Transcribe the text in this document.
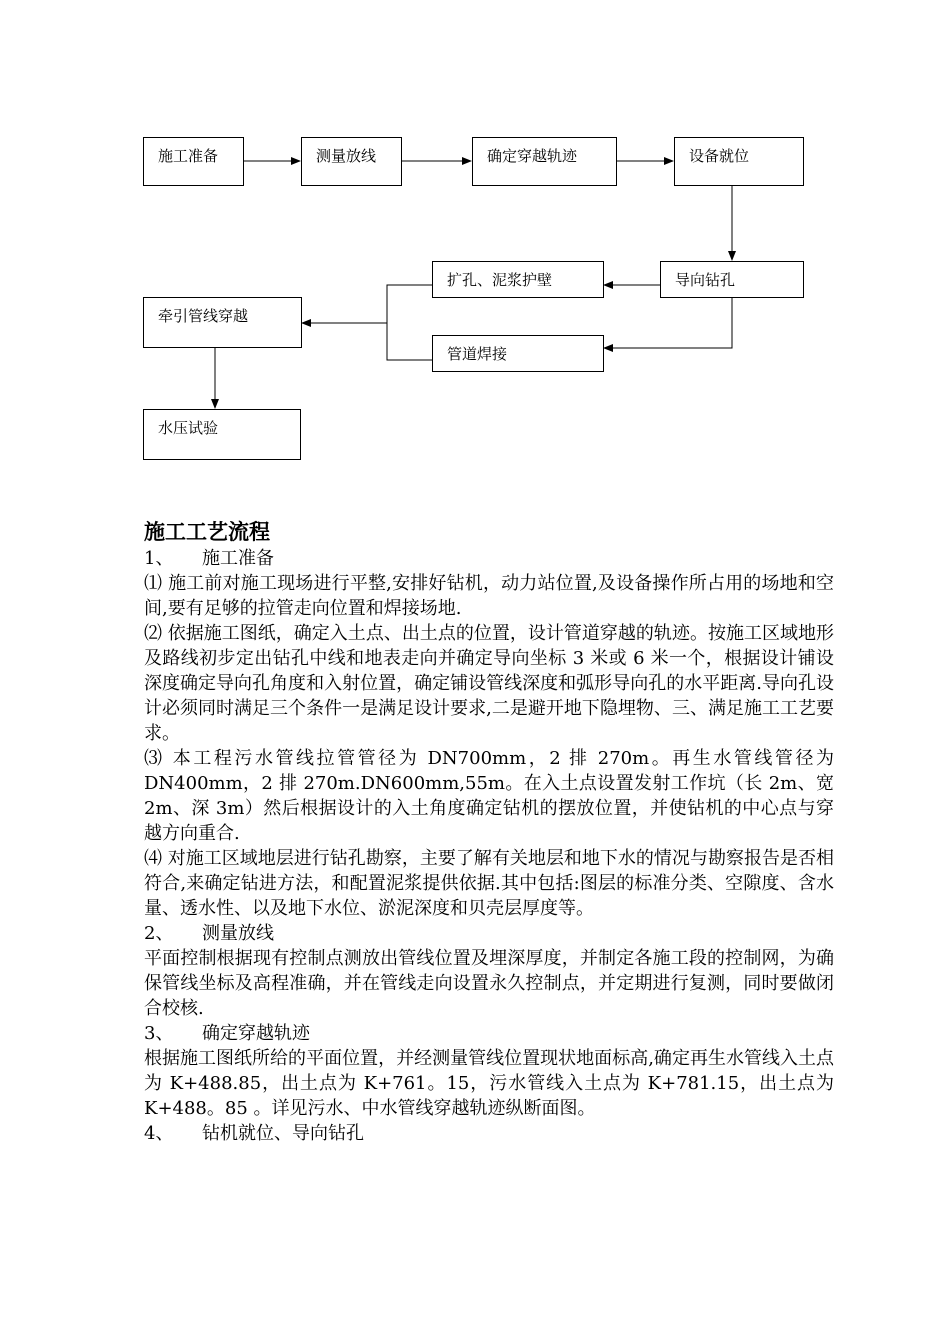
施工准备	测量放线	确定穿越轨迹	设备就位
导向钻孔
扩孔、泥浆护壁
管道焊接
牵引管线穿越
水压试验

施工工艺流程

1、 施工准备

⑴ 施工前对施工现场进行平整,安排好钻机，动力站位置,及设备操作所占用的场地和空间,要有足够的拉管走向位置和焊接场地.

⑵ 依据施工图纸，确定入土点、出土点的位置，设计管道穿越的轨迹。按施工区域地形及路线初步定出钻孔中线和地表走向并确定导向坐标 3 米或 6 米一个，根据设计铺设深度确定导向孔角度和入射位置，确定铺设管线深度和弧形导向孔的水平距离.导向孔设计必须同时满足三个条件一是满足设计要求,二是避开地下隐埋物、三、满足施工工艺要求。

⑶ 本工程污水管线拉管管径为 DN700mm，2 排 270m。再生水管线管径为 DN400mm，2 排 270m.DN600mm,55m。在入土点设置发射工作坑（长 2m、宽 2m、深 3m）然后根据设计的入土角度确定钻机的摆放位置，并使钻机的中心点与穿越方向重合.

⑷ 对施工区域地层进行钻孔勘察，主要了解有关地层和地下水的情况与勘察报告是否相符合,来确定钻进方法，和配置泥浆提供依据.其中包括:图层的标准分类、空隙度、含水量、透水性、以及地下水位、淤泥深度和贝壳层厚度等。

2、 测量放线

平面控制根据现有控制点测放出管线位置及埋深厚度，并制定各施工段的控制网，为确保管线坐标及高程准确，并在管线走向设置永久控制点，并定期进行复测，同时要做闭合校核.

3、 确定穿越轨迹

根据施工图纸所给的平面位置，并经测量管线位置现状地面标高,确定再生水管线入土点为 K+488.85，出土点为 K+761。15，污水管线入土点为 K+781.15，出土点为 K+488。85 。详见污水、中水管线穿越轨迹纵断面图。

4、 钻机就位、导向钻孔
